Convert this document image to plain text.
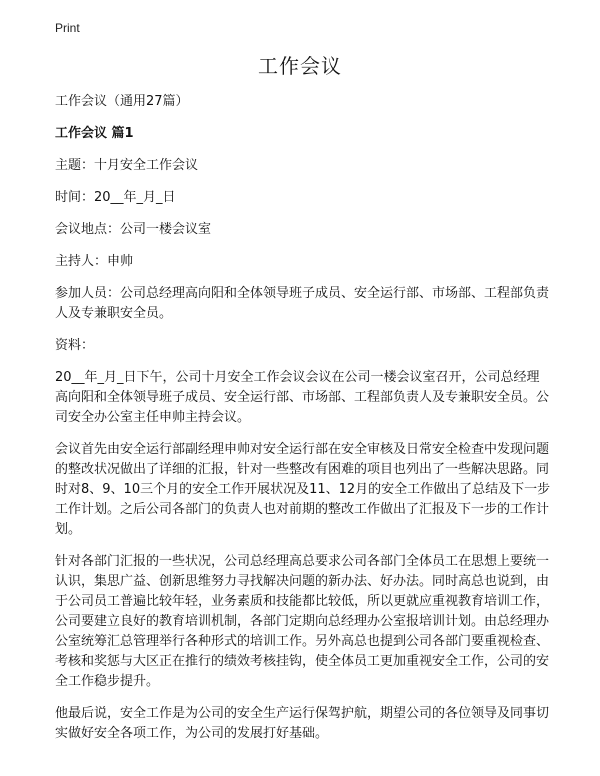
Print
工作会议

工作会议（通用27篇）

工作会议 篇1

主题：十月安全工作会议

时间：20__年_月_日

会议地点：公司一楼会议室

主持人：申帅

参加人员：公司总经理高向阳和全体领导班子成员、安全运行部、市场部、工程部负责人及专兼职安全员。

资料：

20__年_月_日下午，公司十月安全工作会议会议在公司一楼会议室召开，公司总经理高向阳和全体领导班子成员、安全运行部、市场部、工程部负责人及专兼职安全员。公司安全办公室主任申帅主持会议。

会议首先由安全运行部副经理申帅对安全运行部在安全审核及日常安全检查中发现问题的整改状况做出了详细的汇报，针对一些整改有困难的项目也列出了一些解决思路。同时对8、9、10三个月的安全工作开展状况及11、12月的安全工作做出了总结及下一步工作计划。之后公司各部门的负责人也对前期的整改工作做出了汇报及下一步的工作计划。

针对各部门汇报的一些状况，公司总经理高总要求公司各部门全体员工在思想上要统一认识，集思广益、创新思维努力寻找解决问题的新办法、好办法。同时高总也说到，由于公司员工普遍比较年轻，业务素质和技能都比较低，所以更就应重视教育培训工作，公司要建立良好的教育培训机制，各部门定期向总经理办公室报培训计划。由总经理办公室统筹汇总管理举行各种形式的培训工作。另外高总也提到公司各部门要重视检查、考核和奖惩与大区正在推行的绩效考核挂钩，使全体员工更加重视安全工作，公司的安全工作稳步提升。

他最后说，安全工作是为公司的安全生产运行保驾护航，期望公司的各位领导及同事切实做好安全各项工作，为公司的发展打好基础。
